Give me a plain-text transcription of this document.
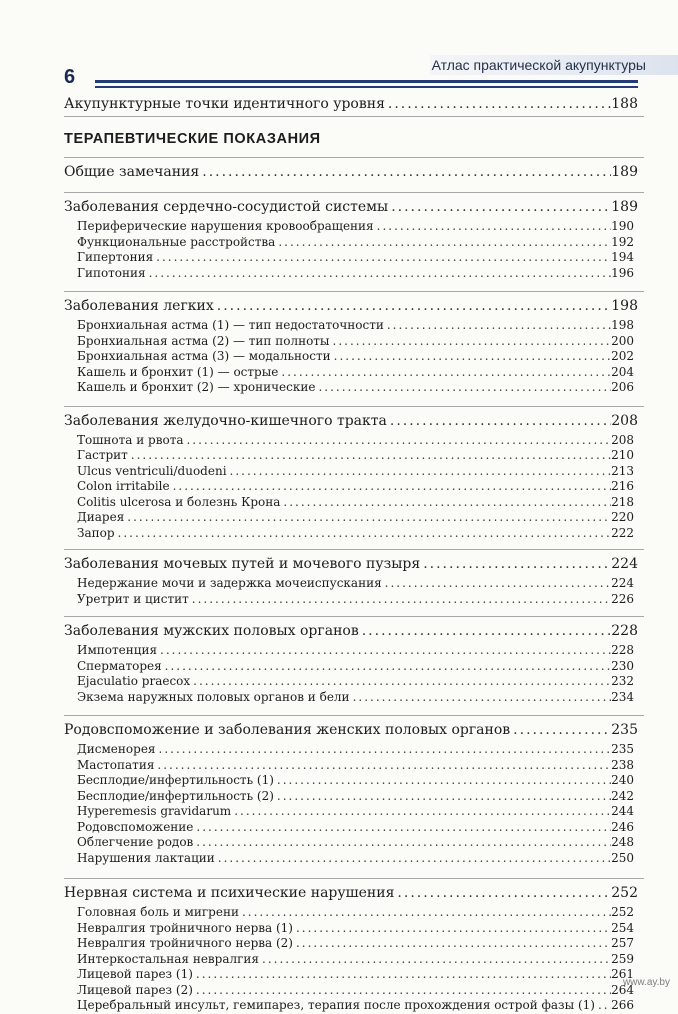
Атлас практической акупунктуры
6
Акупунктурные точки идентичного уровня .....	188
ТЕРАПЕВТИЧЕСКИЕ ПОКАЗАНИЯ
Общие замечания .....	189
Заболевания сердечно-сосудистой системы .....	189
Периферические нарушения кровообращения .....	190
Функциональные расстройства .....	192
Гипертония .....	194
Гипотония .....	196
Заболевания легких .....	198
Бронхиальная астма (1) — тип недостаточности .....	198
Бронхиальная астма (2) — тип полноты .....	200
Бронхиальная астма (3) — модальности .....	202
Кашель и бронхит (1) — острые .....	204
Кашель и бронхит (2) — хронические .....	206
Заболевания желудочно-кишечного тракта .....	208
Тошнота и рвота .....	208
Гастрит .....	210
Ulcus ventriculi/duodeni .....	213
Colon irritabile .....	216
Colitis ulcerosa и болезнь Крона .....	218
Диарея .....	220
Запор .....	222
Заболевания мочевых путей и мочевого пузыря .....	224
Недержание мочи и задержка мочеиспускания .....	224
Уретрит и цистит .....	226
Заболевания мужских половых органов .....	228
Импотенция .....	228
Сперматорея .....	230
Ejaculatio praecox .....	232
Экзема наружных половых органов и бели .....	234
Родовспоможение и заболевания женских половых органов .....	235
Дисменорея .....	235
Мастопатия .....	238
Бесплодие/инфертильность (1) .....	240
Бесплодие/инфертильность (2) .....	242
Hyperemesis gravidarum .....	244
Родовспоможение .....	246
Облегчение родов .....	248
Нарушения лактации .....	250
Нервная система и психические нарушения .....	252
Головная боль и мигрени .....	252
Невралгия тройничного нерва (1) .....	254
Невралгия тройничного нерва (2) .....	257
Интеркостальная невралгия .....	259
Лицевой парез (1) .....	261
Лицевой парез (2) .....	264
Церебральный инсульт, гемипарез, терапия после прохождения острой фазы (1) ..... 266
www.ay.by
